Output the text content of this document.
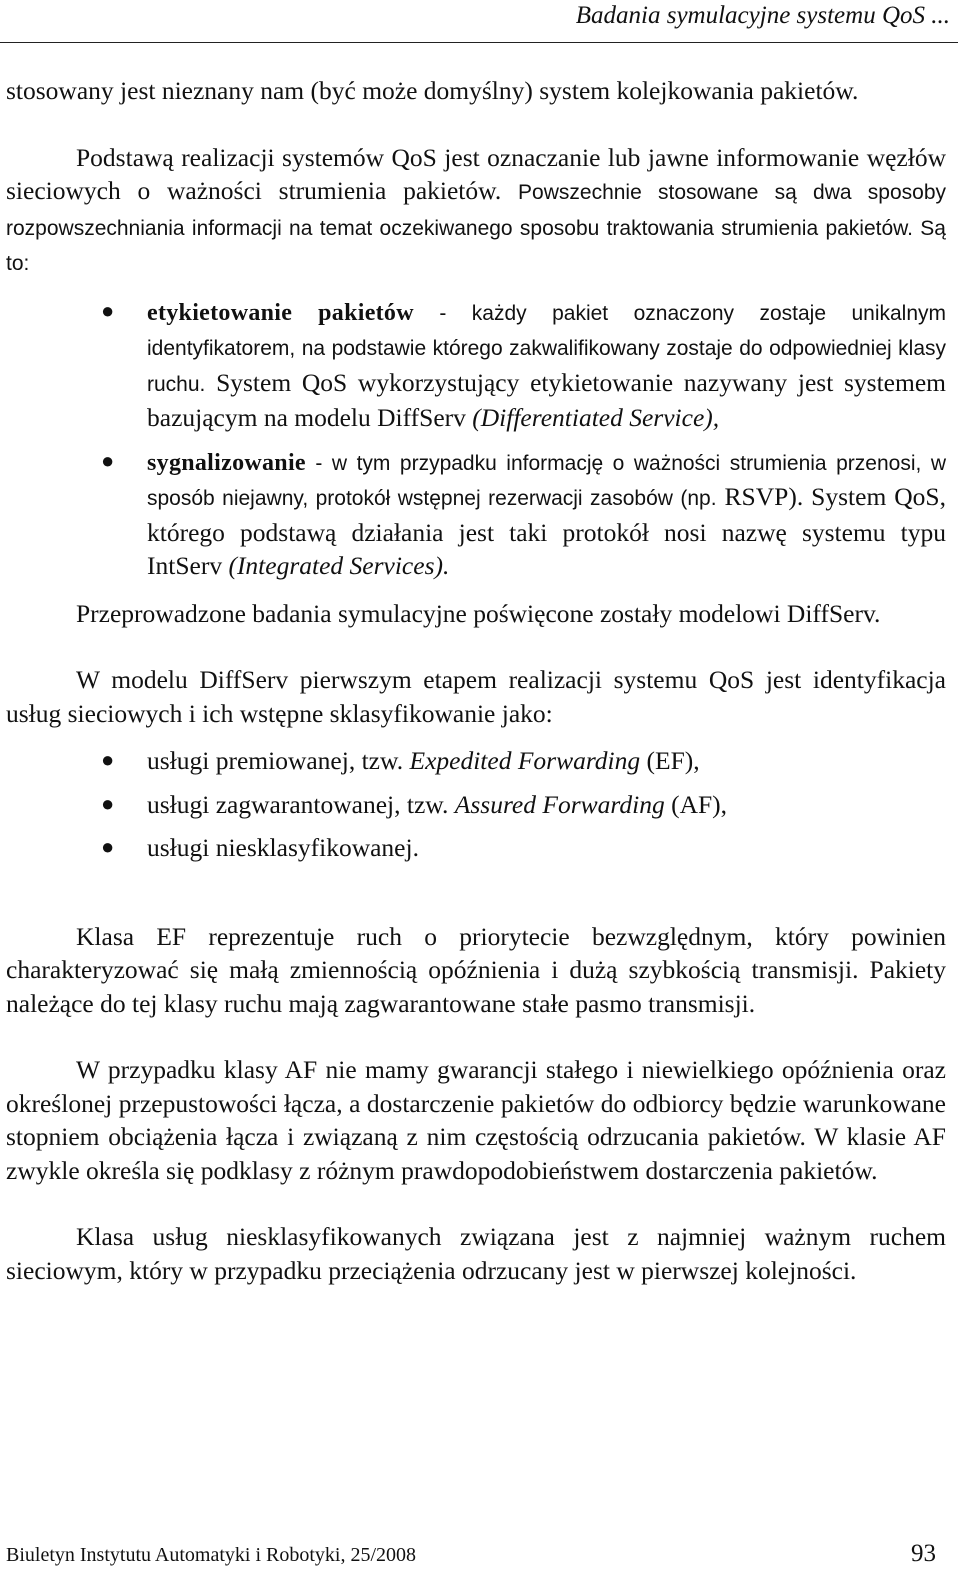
Badania symulacyjne systemu QoS ...

stosowany jest nieznany nam (być może domyślny) system kolejkowania pakietów.

Podstawą realizacji systemów QoS jest oznaczanie lub jawne informowanie węzłów sieciowych o ważności strumienia pakietów. Powszechnie stosowane są dwa sposoby rozpowszechniania informacji na temat oczekiwanego sposobu traktowania strumienia pakietów. Są to:

● etykietowanie pakietów - każdy pakiet oznaczony zostaje unikalnym identyfikatorem, na podstawie którego zakwalifikowany zostaje do odpowiedniej klasy ruchu. System QoS wykorzystujący etykietowanie nazywany jest systemem bazującym na modelu DiffServ (Differentiated Service),
● sygnalizowanie - w tym przypadku informację o ważności strumienia przenosi, w sposób niejawny, protokół wstępnej rezerwacji zasobów (np. RSVP). System QoS, którego podstawą działania jest taki protokół nosi nazwę systemu typu IntServ (Integrated Services).

Przeprowadzone badania symulacyjne poświęcone zostały modelowi DiffServ.

W modelu DiffServ pierwszym etapem realizacji systemu QoS jest identyfikacja usług sieciowych i ich wstępne sklasyfikowanie jako:

● usługi premiowanej, tzw. Expedited Forwarding (EF),
● usługi zagwarantowanej, tzw. Assured Forwarding (AF),
● usługi niesklasyfikowanej.

Klasa EF reprezentuje ruch o priorytecie bezwzględnym, który powinien charakteryzować się małą zmiennością opóźnienia i dużą szybkością transmisji. Pakiety należące do tej klasy ruchu mają zagwarantowane stałe pasmo transmisji.

W przypadku klasy AF nie mamy gwarancji stałego i niewielkiego opóźnienia oraz określonej przepustowości łącza, a dostarczenie pakietów do odbiorcy będzie warunkowane stopniem obciążenia łącza i związaną z nim częstością odrzucania pakietów. W klasie AF zwykle określa się podklasy z różnym prawdopodobieństwem dostarczenia pakietów.

Klasa usług niesklasyfikowanych związana jest z najmniej ważnym ruchem sieciowym, który w przypadku przeciążenia odrzucany jest w pierwszej kolejności.

Biuletyn Instytutu Automatyki i Robotyki, 25/2008	93
